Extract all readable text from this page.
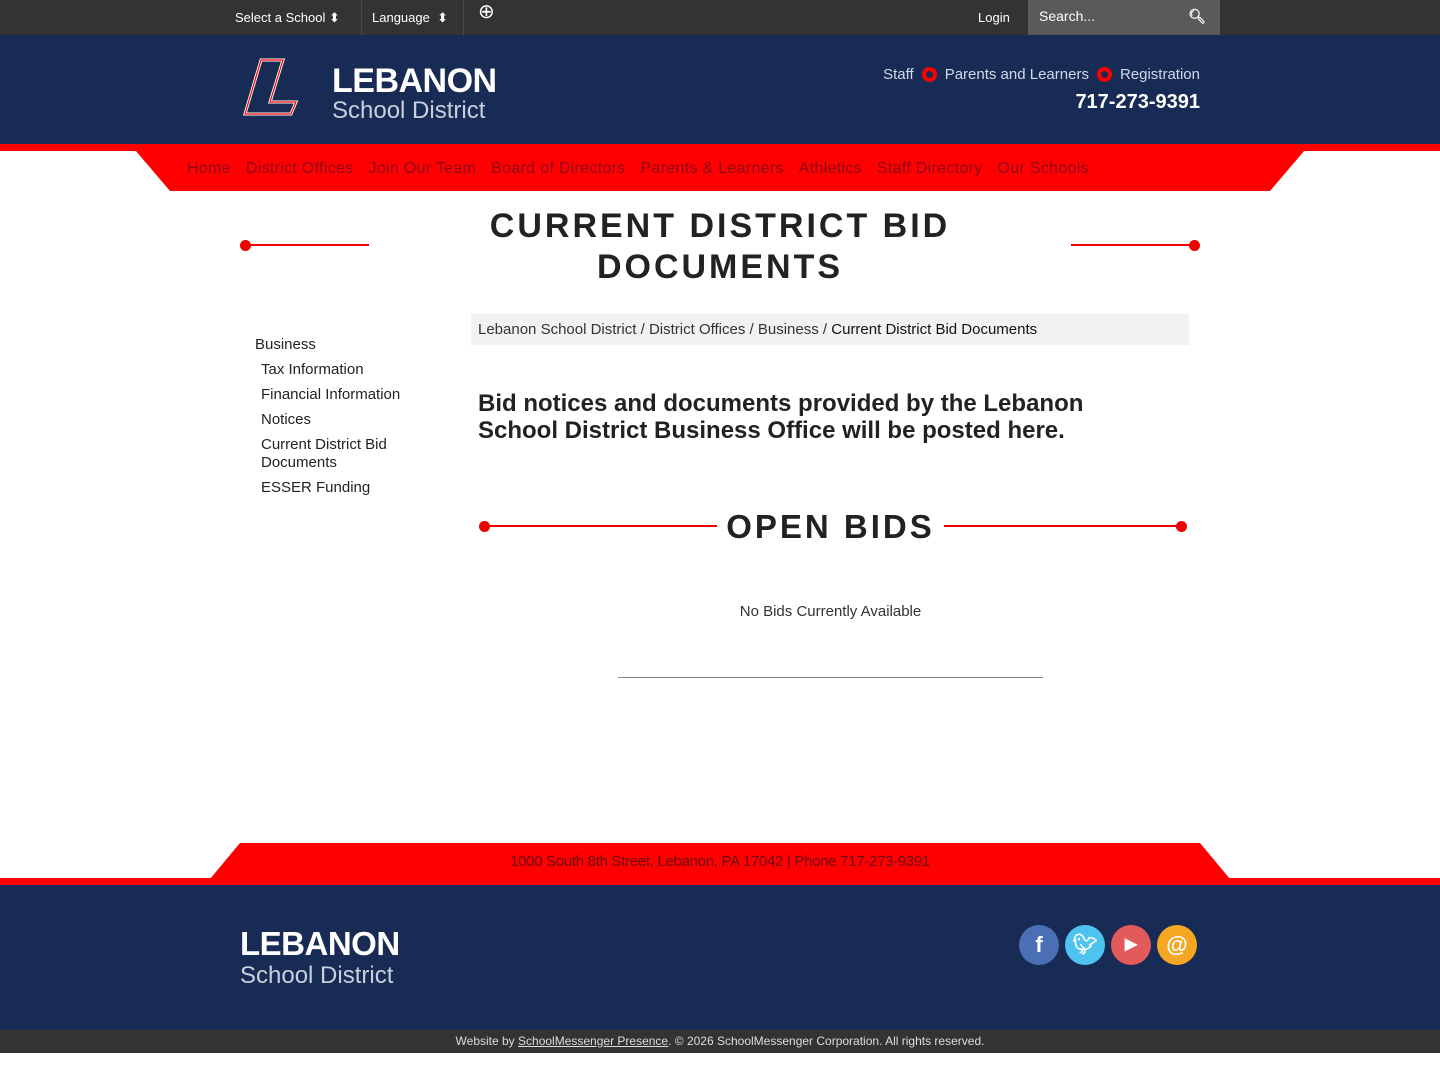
Select a School ⬍ Language ⬍ ⊕	Login	Search...	🔍︎
LEBANON
School District
Staff Parents and Learners Registration
717-273-9391
Home District Offices Join Our Team Board of Directors Parents & Learners Athletics Staff Directory Our Schools
CURRENT DISTRICT BID DOCUMENTS
Business
Tax Information
Financial Information
Notices
Current District Bid Documents
ESSER Funding
Lebanon School District / District Offices / Business / Current District Bid Documents
Bid notices and documents provided by the Lebanon School District Business Office will be posted here.
OPEN BIDS
No Bids Currently Available
1000 South 8th Street, Lebanon, PA 17042 | Phone 717-273-9391
LEBANON
School District
f	🐦︎	▶	@
Website by SchoolMessenger Presence. © 2026 SchoolMessenger Corporation. All rights reserved.
